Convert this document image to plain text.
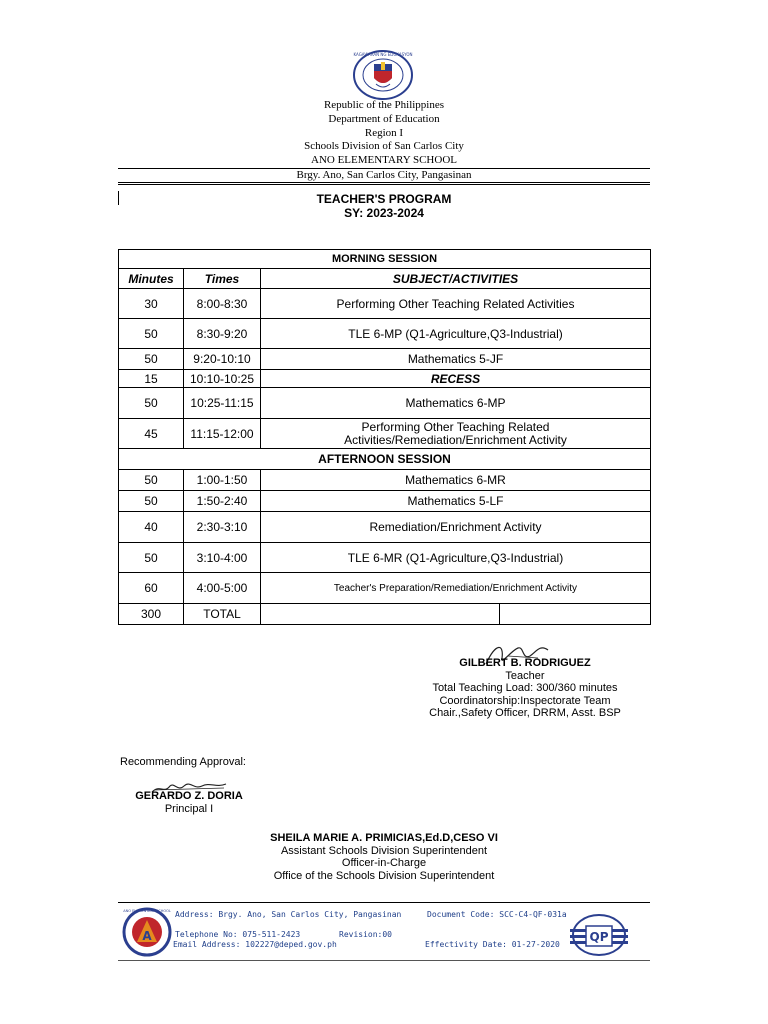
KAGAWARAN NG EDUKASYON
Republic of the Philippines
Department of Education
Region I
Schools Division of San Carlos City
ANO ELEMENTARY SCHOOL
Brgy. Ano, San Carlos City, Pangasinan
TEACHER'S PROGRAM
SY: 2023-2024
MORNING SESSION			
Minutes	Times	SUBJECT/ACTIVITIES	
30	8:00-8:30	Performing Other Teaching Related Activities	
50	8:30-9:20	TLE 6-MP (Q1-Agriculture,Q3-Industrial)	
50	9:20-10:10	Mathematics 5-JF	
15	10:10-10:25	RECESS	
50	10:25-11:15	Mathematics 6-MP	
45	11:15-12:00	Performing Other Teaching Related
Activities/Remediation/Enrichment Activity	

AFTERNOON SESSION			
50	1:00-1:50	Mathematics 6-MR	
50	1:50-2:40	Mathematics 5-LF	
40	2:30-3:10	Remediation/Enrichment Activity	
50	3:10-4:00	TLE 6-MR (Q1-Agriculture,Q3-Industrial)	
60	4:00-5:00	Teacher's Preparation/Remediation/Enrichment Activity	
300	TOTAL		
GILBERT B. RODRIGUEZ
Teacher
Total Teaching Load: 300/360 minutes
Coordinatorship:Inspectorate Team
Chair.,Safety Officer, DRRM, Asst. BSP
Recommending Approval:
GERARDO Z. DORIA
Principal I
SHEILA MARIE A. PRIMICIAS,Ed.D,CESO VI
Assistant Schools Division Superintendent
Officer-in-Charge
Office of the Schools Division Superintendent
A
ANO ELEMENTARY SCHOOL Address: Brgy. Ano, San Carlos City, Pangasinan
Telephone No: 075-511-2423	Revision:00
Email Address: 102227@deped.gov.ph
Document Code: SCC-C4-QF-031a
Effectivity Date: 01-27-2020
QP
